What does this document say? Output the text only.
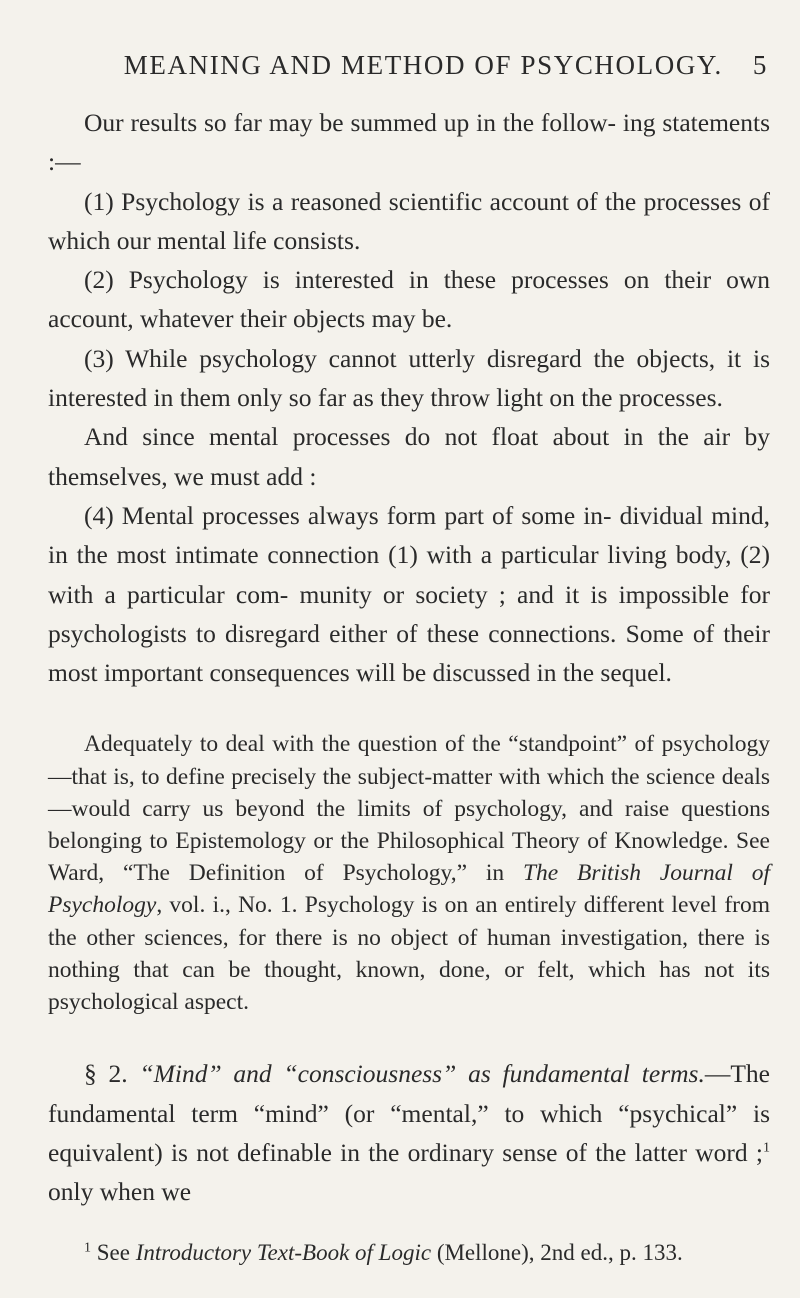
MEANING AND METHOD OF PSYCHOLOGY. 5

Our results so far may be summed up in the follow- ing statements :—

(1) Psychology is a reasoned scientific account of the processes of which our mental life consists.

(2) Psychology is interested in these processes on their own account, whatever their objects may be.

(3) While psychology cannot utterly disregard the objects, it is interested in them only so far as they throw light on the processes.

And since mental processes do not float about in the air by themselves, we must add :

(4) Mental processes always form part of some in- dividual mind, in the most intimate connection (1) with a particular living body, (2) with a particular com- munity or society ; and it is impossible for psychologists to disregard either of these connections. Some of their most important consequences will be discussed in the sequel.

Adequately to deal with the question of the “standpoint” of psychology—that is, to define precisely the subject-matter with which the science deals—would carry us beyond the limits of psychology, and raise questions belonging to Epistemology or the Philosophical Theory of Knowledge. See Ward, “The Definition of Psychology,” in The British Journal of Psychology, vol. i., No. 1. Psychology is on an entirely different level from the other sciences, for there is no object of human investigation, there is nothing that can be thought, known, done, or felt, which has not its psychological aspect.

§ 2. “Mind” and “consciousness” as fundamental terms.—The fundamental term “mind” (or “mental,” to which “psychical” is equivalent) is not definable in the ordinary sense of the latter word ;$^1$ only when we

$^1$ See Introductory Text-Book of Logic (Mellone), 2nd ed., p. 133.
